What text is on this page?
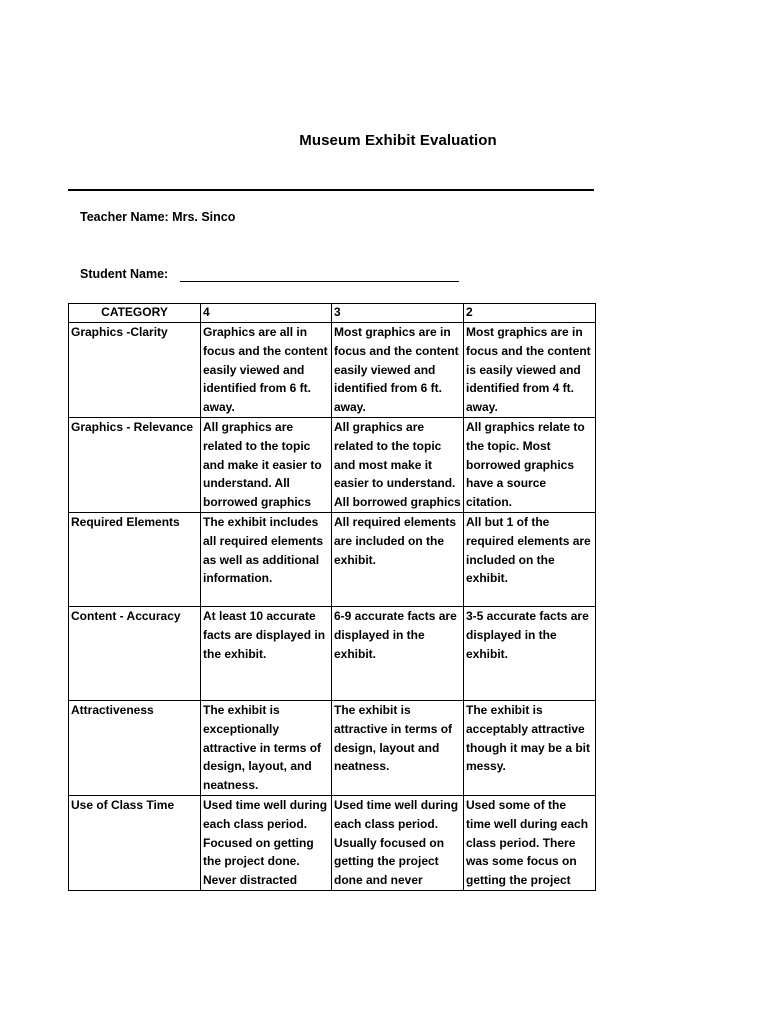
Museum Exhibit Evaluation
Teacher Name: Mrs. Sinco
Student Name:
CATEGORY	4	3	2

Graphics -Clarity	Graphics are all in focus and the content easily viewed and identified from 6 ft. away.	Most graphics are in focus and the content easily viewed and identified from 6 ft. away.	Most graphics are in focus and the content is easily viewed and identified from 4 ft. away.

Graphics - Relevance	All graphics are related to the topic and make it easier to understand. All borrowed graphics	All graphics are related to the topic and most make it easier to understand. All borrowed graphics	All graphics relate to the topic. Most borrowed graphics have a source citation.

Required Elements	The exhibit includes all required elements as well as additional information.	All required elements are included on the exhibit.	All but 1 of the required elements are included on the exhibit.

Content - Accuracy	At least 10 accurate facts are displayed in the exhibit.	6-9 accurate facts are displayed in the exhibit.	3-5 accurate facts are displayed in the exhibit.

Attractiveness	The exhibit is exceptionally attractive in terms of design, layout, and neatness.	The exhibit is attractive in terms of design, layout and neatness.	The exhibit is acceptably attractive though it may be a bit messy.

Use of Class Time	Used time well during each class period. Focused on getting the project done. Never distracted	Used time well during each class period. Usually focused on getting the project done and never	Used some of the time well during each class period. There was some focus on getting the project
